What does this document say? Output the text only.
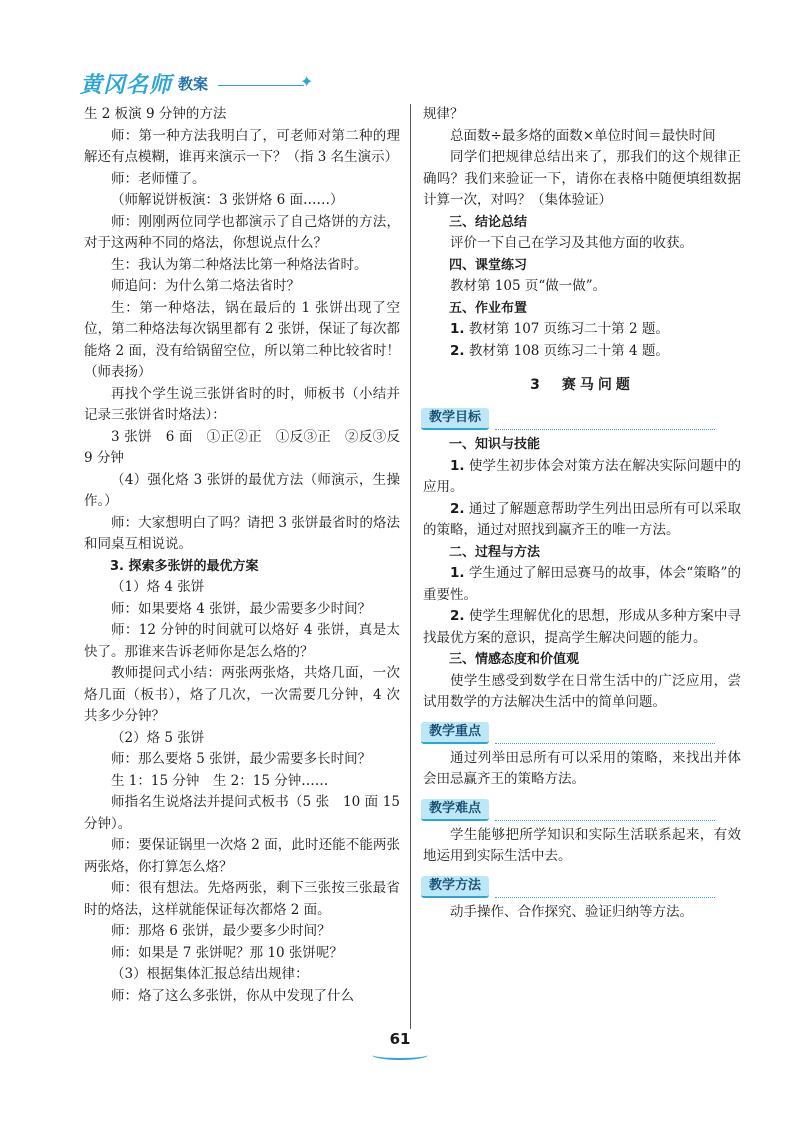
黄冈名师 教案	✦

生 2 板演 9 分钟的方法

师：第一种方法我明白了，可老师对第二种的理解还有点模糊，谁再来演示一下？（指 3 名生演示）

师：老师懂了。

（师解说饼板演：3 张饼烙 6 面……）

师：刚刚两位同学也都演示了自己烙饼的方法，对于这两种不同的烙法，你想说点什么？

生：我认为第二种烙法比第一种烙法省时。

师追问：为什么第二烙法省时？

生：第一种烙法，锅在最后的 1 张饼出现了空位，第二种烙法每次锅里都有 2 张饼，保证了每次都能烙 2 面，没有给锅留空位，所以第二种比较省时！（师表扬）

再找个学生说三张饼省时的时，师板书（小结并记录三张饼省时烙法）：

3 张饼　6 面　①正②正　①反③正　②反③反　9 分钟

（4）强化烙 3 张饼的最优方法（师演示，生操作。）

师：大家想明白了吗？请把 3 张饼最省时的烙法和同桌互相说说。

3. 探索多张饼的最优方案

（1）烙 4 张饼

师：如果要烙 4 张饼，最少需要多少时间？

师：12 分钟的时间就可以烙好 4 张饼，真是太快了。那谁来告诉老师你是怎么烙的？

教师提问式小结：两张两张烙，共烙几面，一次烙几面（板书），烙了几次，一次需要几分钟，4 次共多少分钟？

（2）烙 5 张饼

师：那么要烙 5 张饼，最少需要多长时间？

生 1：15 分钟　生 2：15 分钟……

师指名生说烙法并提问式板书（5 张　10 面 15 分钟）。

师：要保证锅里一次烙 2 面，此时还能不能两张两张烙，你打算怎么烙？

师：很有想法。先烙两张，剩下三张按三张最省时的烙法，这样就能保证每次都烙 2 面。

师：那烙 6 张饼，最少要多少时间？

师：如果是 7 张饼呢？那 10 张饼呢？

（3）根据集体汇报总结出规律：

师：烙了这么多张饼，你从中发现了什么

规律？

总面数÷最多烙的面数×单位时间＝最快时间

同学们把规律总结出来了，那我们的这个规律正确吗？我们来验证一下，请你在表格中随便填组数据计算一次，对吗？（集体验证）

三、结论总结

评价一下自己在学习及其他方面的收获。

四、课堂练习

教材第 105 页“做一做”。

五、作业布置

1. 教材第 107 页练习二十第 2 题。

2. 教材第 108 页练习二十第 4 题。

3　赛马问题
教学目标

一、知识与技能

1. 使学生初步体会对策方法在解决实际问题中的应用。

2. 通过了解题意帮助学生列出田忌所有可以采取的策略，通过对照找到赢齐王的唯一方法。

二、过程与方法

1. 学生通过了解田忌赛马的故事，体会“策略”的重要性。

2. 使学生理解优化的思想，形成从多种方案中寻找最优方案的意识，提高学生解决问题的能力。

三、情感态度和价值观

使学生感受到数学在日常生活中的广泛应用，尝试用数学的方法解决生活中的简单问题。

教学重点

通过列举田忌所有可以采用的策略，来找出并体会田忌赢齐王的策略方法。

教学难点

学生能够把所学知识和实际生活联系起来，有效地运用到实际生活中去。

教学方法

动手操作、合作探究、验证归纳等方法。

61
